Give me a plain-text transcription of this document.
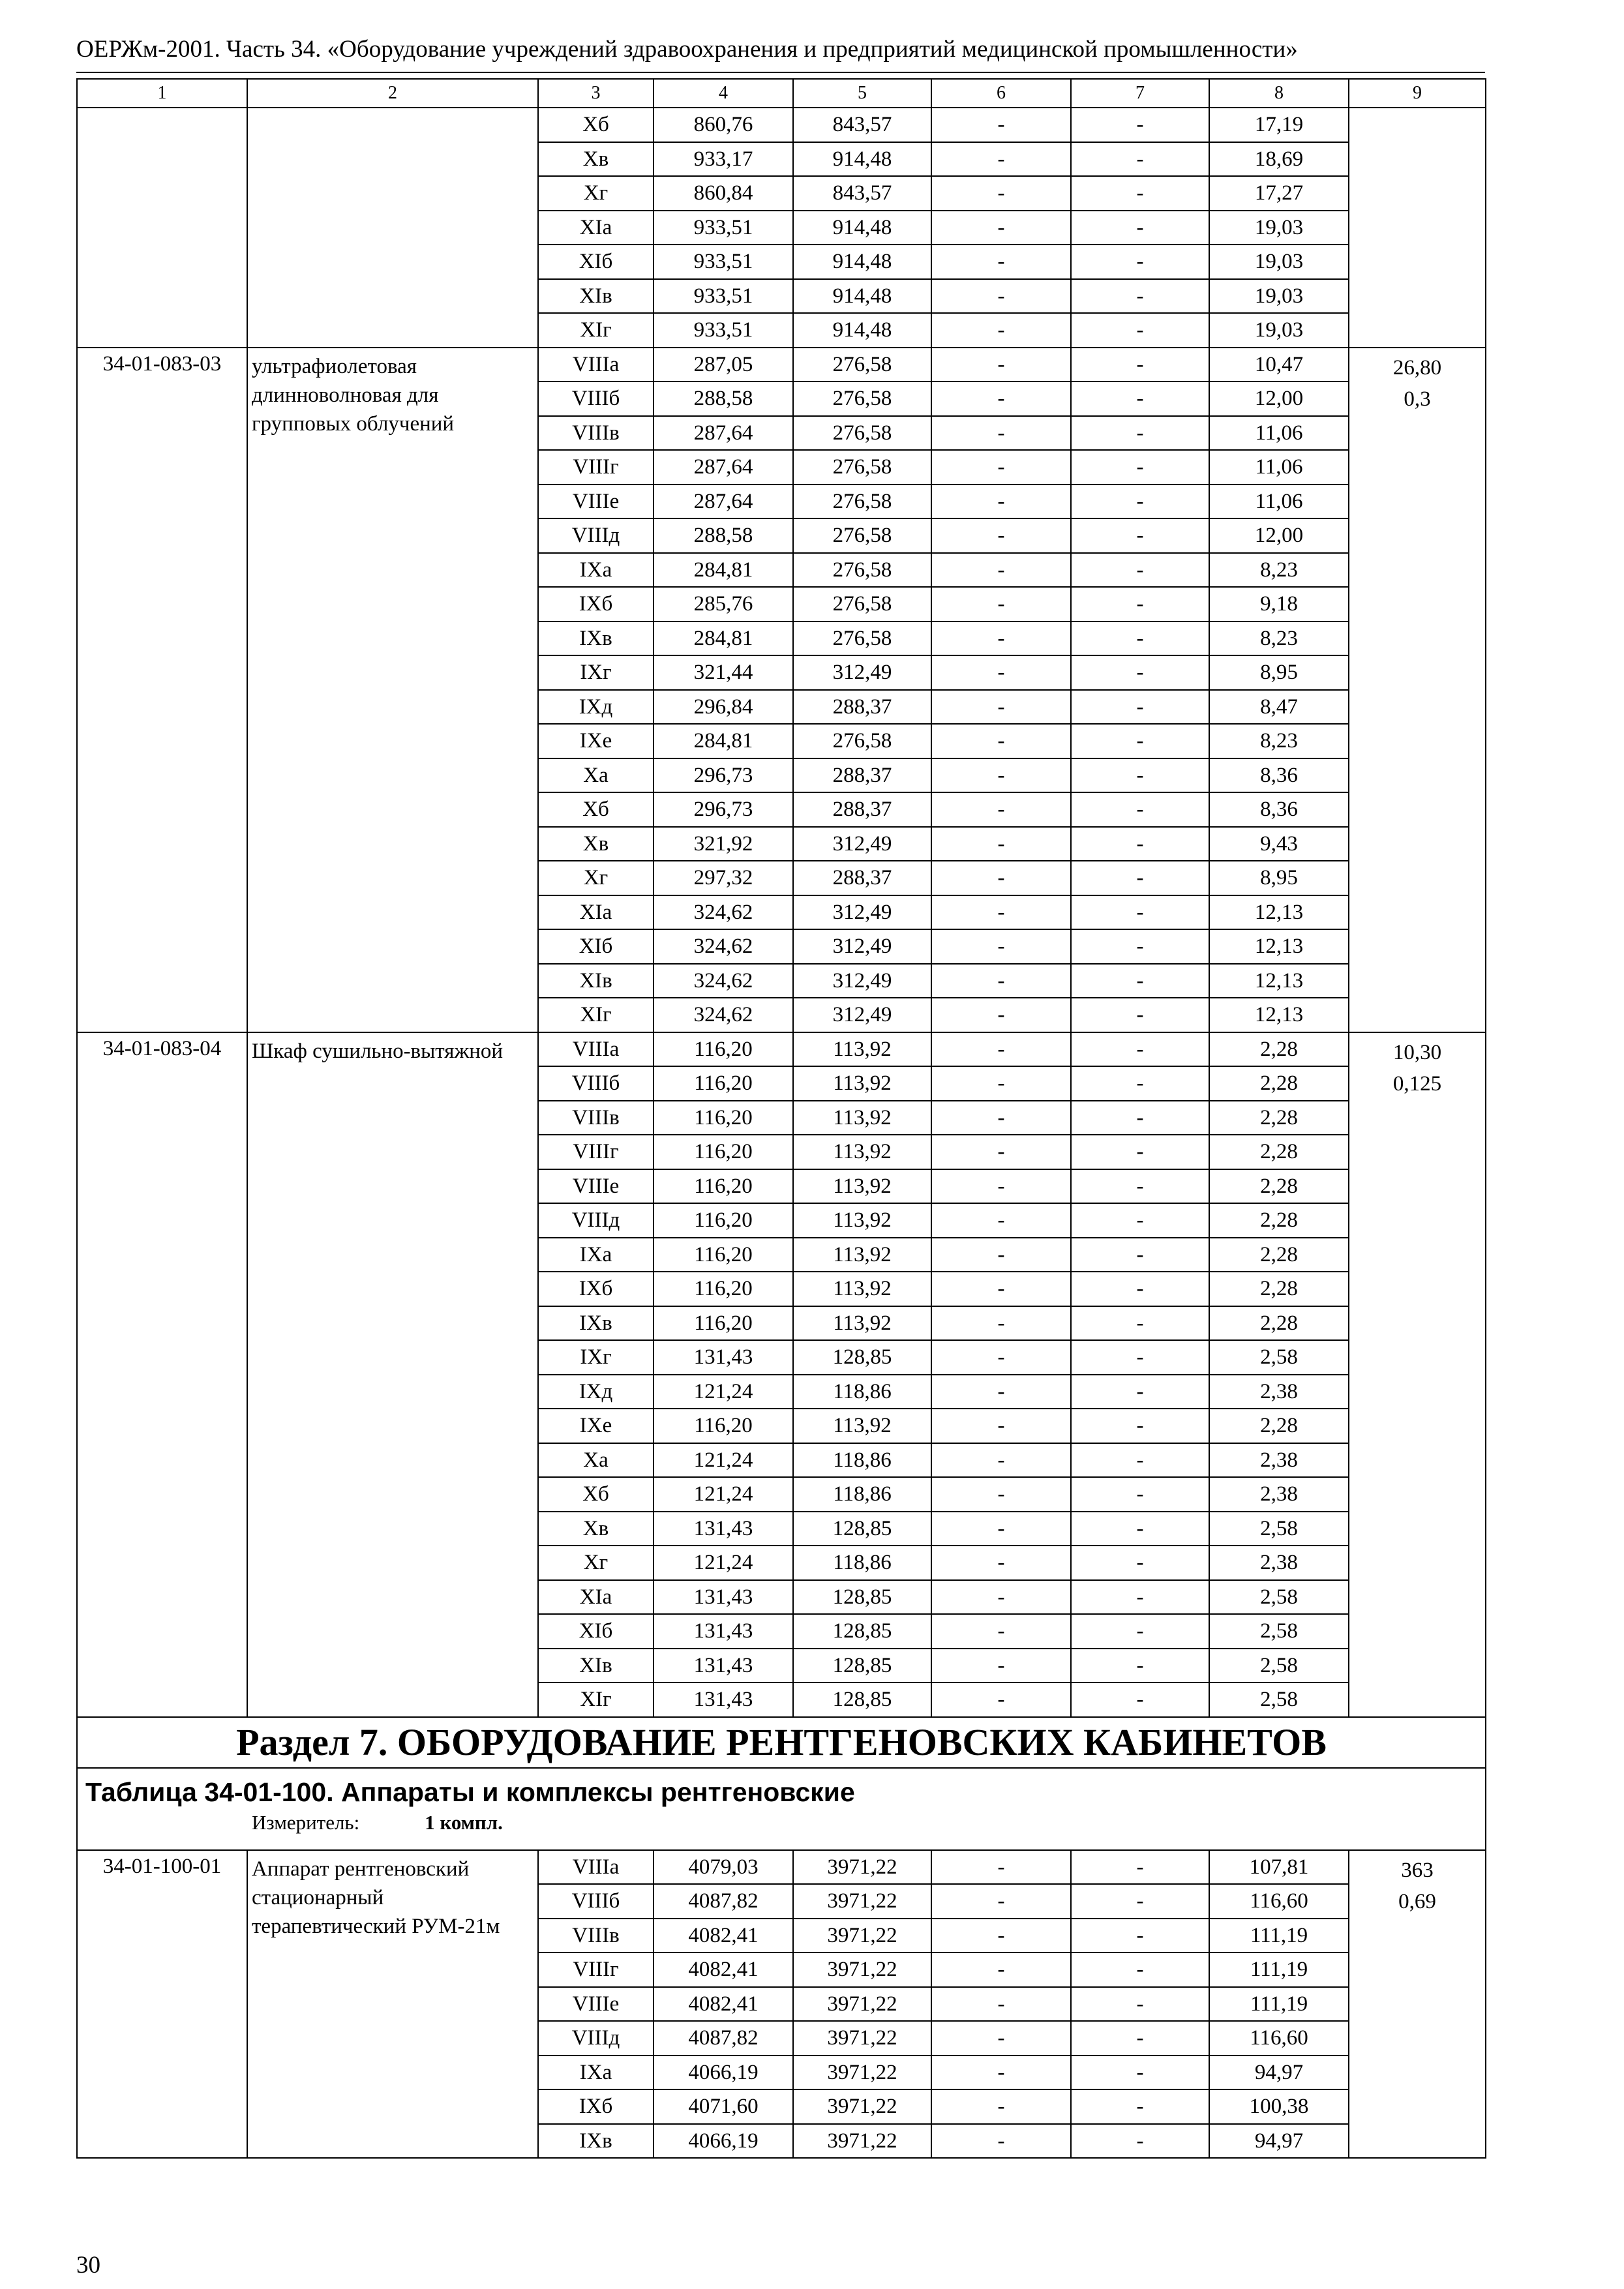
ОЕРЖм-2001. Часть 34. «Оборудование учреждений здравоохранения и предприятий медицинской промышленности»
1	2	3	4	5	6	7	8	9
		Xб	860,76	843,57	-	-	17,19	
		Xв	933,17	914,48	-	-	18,69	
		Xг	860,84	843,57	-	-	17,27	
		XIа	933,51	914,48	-	-	19,03	
		XIб	933,51	914,48	-	-	19,03	
		XIв	933,51	914,48	-	-	19,03	
		XIг	933,51	914,48	-	-	19,03	
34-01-083-03	ультрафиолетовая длинноволновая для групповых облучений	VIIIа	287,05	276,58	-	-	10,47	26,80
0,3

		VIIIб	288,58	276,58	-	-	12,00	
		VIIIв	287,64	276,58	-	-	11,06	
		VIIIг	287,64	276,58	-	-	11,06	
		VIIIе	287,64	276,58	-	-	11,06	
		VIIIд	288,58	276,58	-	-	12,00	
		IXа	284,81	276,58	-	-	8,23	
		IXб	285,76	276,58	-	-	9,18	
		IXв	284,81	276,58	-	-	8,23	
		IXг	321,44	312,49	-	-	8,95	
		IXд	296,84	288,37	-	-	8,47	
		IXе	284,81	276,58	-	-	8,23	
		Xа	296,73	288,37	-	-	8,36	
		Xб	296,73	288,37	-	-	8,36	
		Xв	321,92	312,49	-	-	9,43	
		Xг	297,32	288,37	-	-	8,95	
		XIа	324,62	312,49	-	-	12,13	
		XIб	324,62	312,49	-	-	12,13	
		XIв	324,62	312,49	-	-	12,13	
		XIг	324,62	312,49	-	-	12,13	
34-01-083-04	Шкаф сушильно-вытяжной	VIIIа	116,20	113,92	-	-	2,28	10,30
0,125

		VIIIб	116,20	113,92	-	-	2,28	
		VIIIв	116,20	113,92	-	-	2,28	
		VIIIг	116,20	113,92	-	-	2,28	
		VIIIе	116,20	113,92	-	-	2,28	
		VIIIд	116,20	113,92	-	-	2,28	
		IXа	116,20	113,92	-	-	2,28	
		IXб	116,20	113,92	-	-	2,28	
		IXв	116,20	113,92	-	-	2,28	
		IXг	131,43	128,85	-	-	2,58	
		IXд	121,24	118,86	-	-	2,38	
		IXе	116,20	113,92	-	-	2,28	
		Xа	121,24	118,86	-	-	2,38	
		Xб	121,24	118,86	-	-	2,38	
		Xв	131,43	128,85	-	-	2,58	
		Xг	121,24	118,86	-	-	2,38	
		XIа	131,43	128,85	-	-	2,58	
		XIб	131,43	128,85	-	-	2,58	
		XIв	131,43	128,85	-	-	2,58	
		XIг	131,43	128,85	-	-	2,58	
Раздел 7. ОБОРУДОВАНИЕ РЕНТГЕНОВСКИХ КАБИНЕТОВ								

Таблица 34-01-100. Аппараты и комплексы рентгеновские
Измеритель: 1 компл.								

34-01-100-01	Аппарат рентгеновский стационарный терапевтический РУМ-21м	VIIIа	4079,03	3971,22	-	-	107,81	363
0,69

		VIIIб	4087,82	3971,22	-	-	116,60	
		VIIIв	4082,41	3971,22	-	-	111,19	
		VIIIг	4082,41	3971,22	-	-	111,19	
		VIIIе	4082,41	3971,22	-	-	111,19	
		VIIIд	4087,82	3971,22	-	-	116,60	
		IXа	4066,19	3971,22	-	-	94,97	
		IXб	4071,60	3971,22	-	-	100,38	
		IXв	4066,19	3971,22	-	-	94,97	
30
